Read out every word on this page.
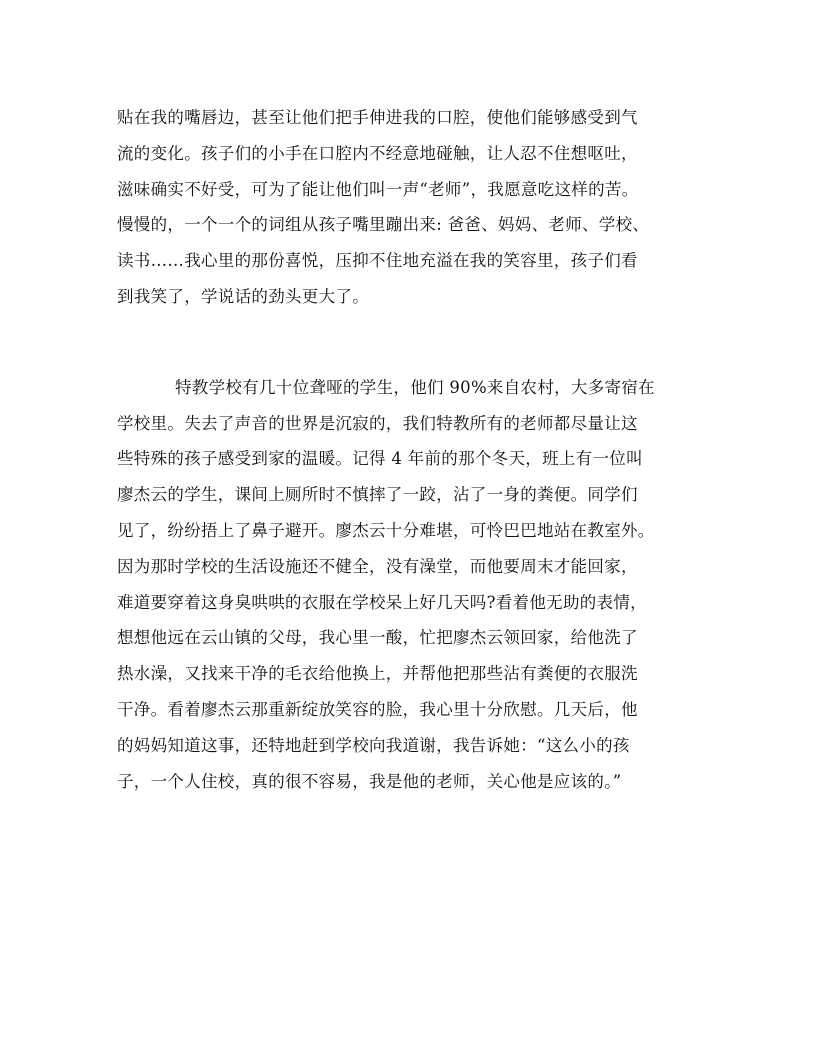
贴在我的嘴唇边，甚至让他们把手伸进我的口腔，使他们能够感受到气
流的变化。孩子们的小手在口腔内不经意地碰触，让人忍不住想呕吐，
滋味确实不好受，可为了能让他们叫一声“老师”，我愿意吃这样的苦。
慢慢的，一个一个的词组从孩子嘴里蹦出来: 爸爸、妈妈、老师、学校、
读书……我心里的那份喜悦，压抑不住地充溢在我的笑容里，孩子们看
到我笑了，学说话的劲头更大了。
特教学校有几十位聋哑的学生，他们 90%来自农村，大多寄宿在
学校里。失去了声音的世界是沉寂的，我们特教所有的老师都尽量让这
些特殊的孩子感受到家的温暖。记得 4 年前的那个冬天，班上有一位叫
廖杰云的学生，课间上厕所时不慎摔了一跤，沾了一身的粪便。同学们
见了，纷纷捂上了鼻子避开。廖杰云十分难堪，可怜巴巴地站在教室外。
因为那时学校的生活设施还不健全，没有澡堂，而他要周末才能回家，
难道要穿着这身臭哄哄的衣服在学校呆上好几天吗?看着他无助的表情，
想想他远在云山镇的父母，我心里一酸，忙把廖杰云领回家，给他洗了
热水澡，又找来干净的毛衣给他换上，并帮他把那些沾有粪便的衣服洗
干净。看着廖杰云那重新绽放笑容的脸，我心里十分欣慰。几天后，他
的妈妈知道这事，还特地赶到学校向我道谢，我告诉她：“这么小的孩
子，一个人住校，真的很不容易，我是他的老师，关心他是应该的。”
